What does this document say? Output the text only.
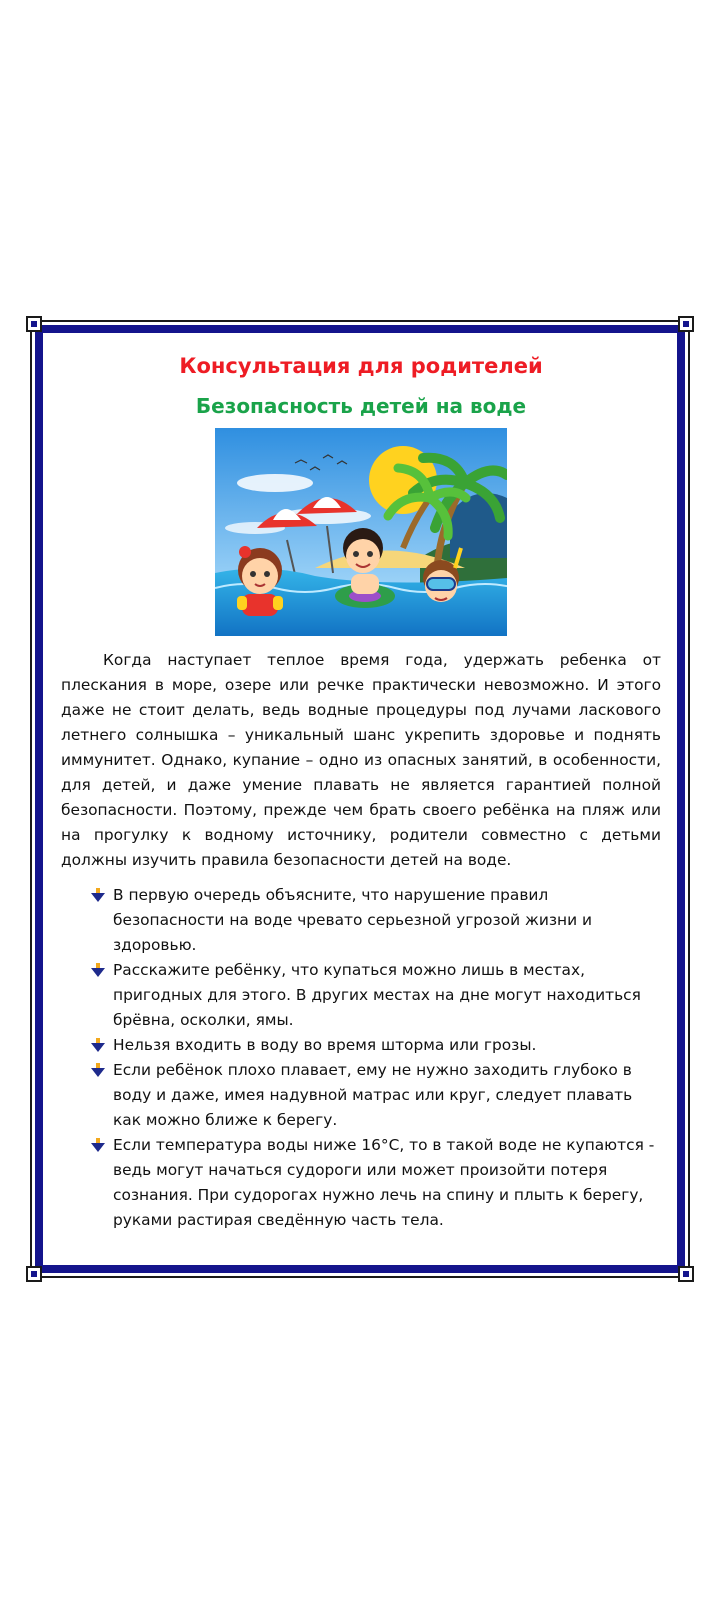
Консультация для родителей
Безопасность детей на воде

Когда наступает теплое время года, удержать ребенка от плескания в море, озере или речке практически невозможно. И этого даже не стоит делать, ведь водные процедуры под лучами ласкового летнего солнышка – уникальный шанс укрепить здоровье и поднять иммунитет. Однако, купание – одно из опасных занятий, в особенности, для детей, и даже умение плавать не является гарантией полной безопасности. Поэтому, прежде чем брать своего ребёнка на пляж или на прогулку к водному источнику, родители совместно с детьми должны изучить правила безопасности детей на воде.

В первую очередь объясните, что нарушение правил безопасности на воде чревато серьезной угрозой жизни и здоровью.
Расскажите ребёнку, что купаться можно лишь в местах, пригодных для этого. В других местах на дне могут находиться брёвна, осколки, ямы.
Нельзя входить в воду во время шторма или грозы.
Если ребёнок плохо плавает, ему не нужно заходить глубоко в воду и даже, имея надувной матрас или круг, следует плавать как можно ближе к берегу.
Если температура воды ниже 16°С, то в такой воде не купаются - ведь могут начаться судороги или может произойти потеря сознания. При судорогах нужно лечь на спину и плыть к берегу, руками растирая сведённую часть тела.
